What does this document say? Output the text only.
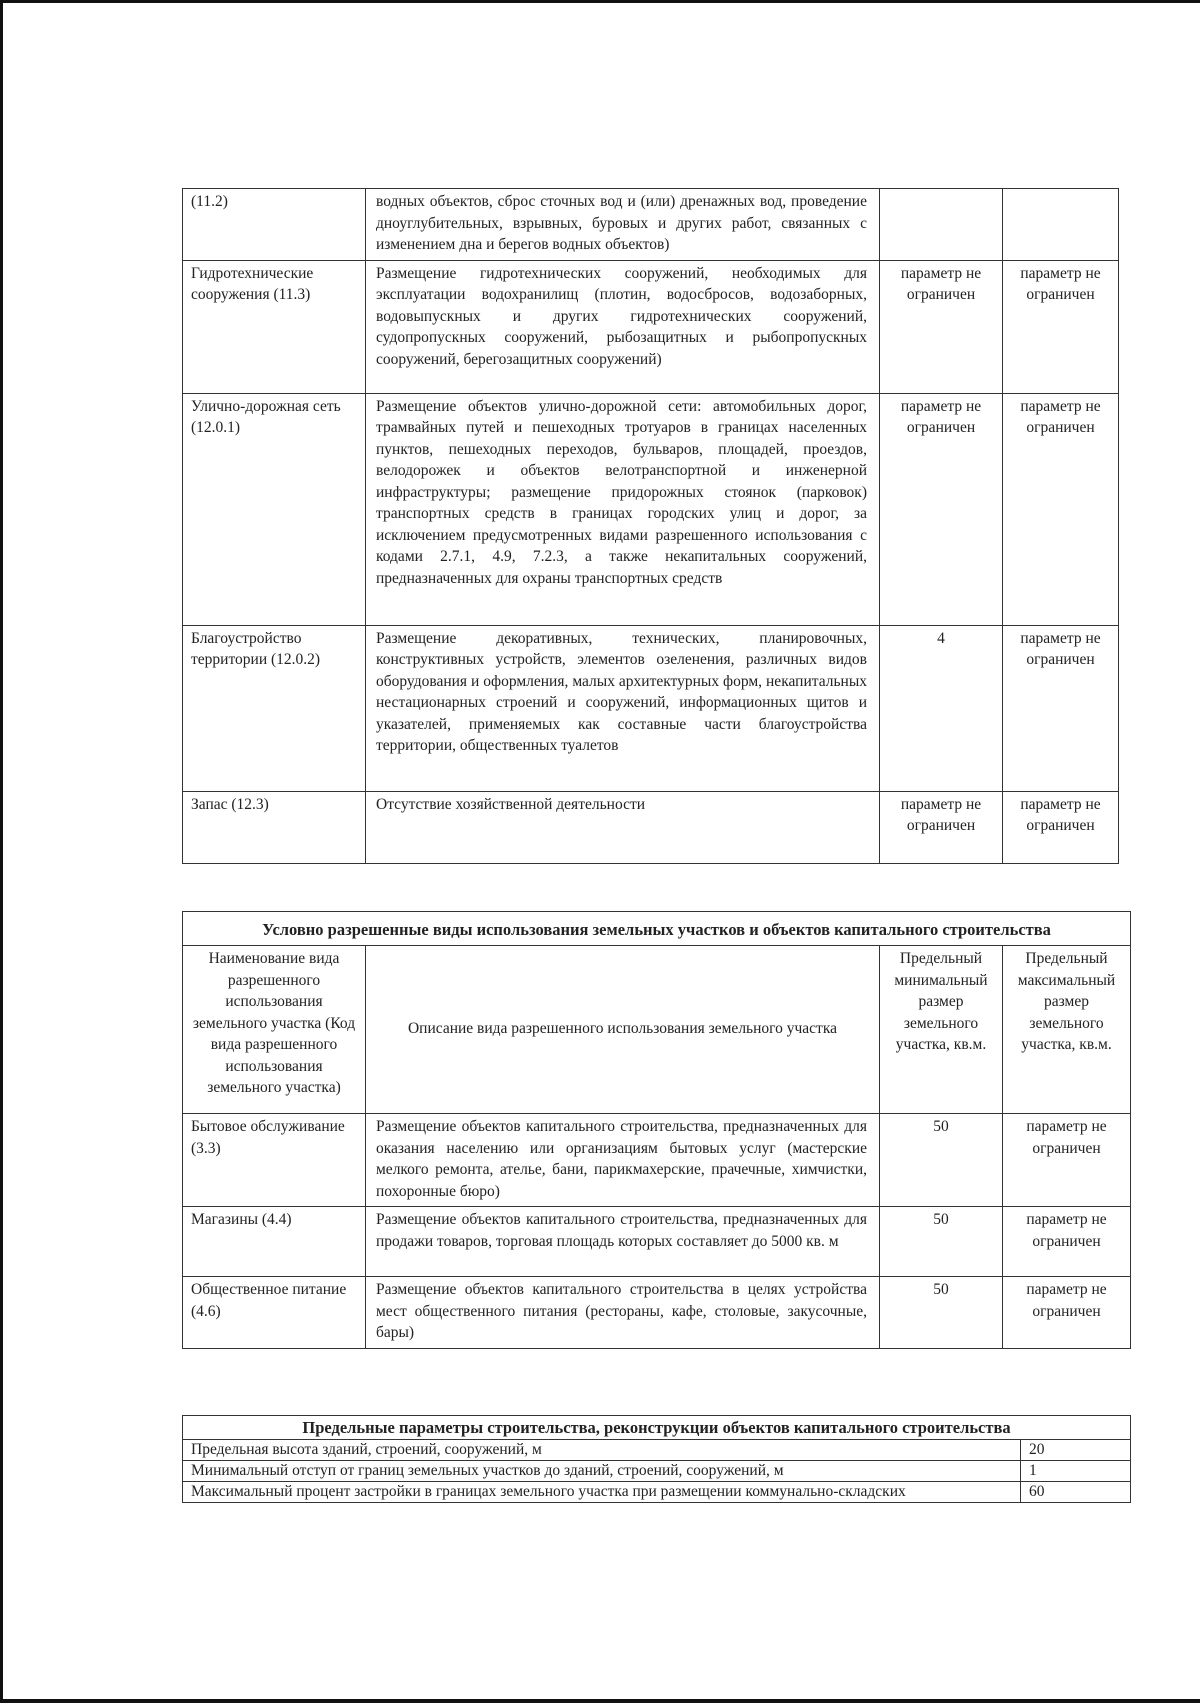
(11.2)	водных объектов, сброс сточных вод и (или) дренажных вод, проведение дноуглубительных, взрывных, буровых и других работ, связанных с изменением дна и берегов водных объектов)		
Гидротехнические сооружения (11.3)	Размещение гидротехнических сооружений, необходимых для эксплуатации водохранилищ (плотин, водосбросов, водозаборных, водовыпускных и других гидротехнических сооружений, судопропускных сооружений, рыбозащитных и рыбопропускных сооружений, берегозащитных сооружений)	параметр не ограничен	параметр не ограничен
Улично-дорожная сеть (12.0.1)	Размещение объектов улично-дорожной сети: автомобильных дорог, трамвайных путей и пешеходных тротуаров в границах населенных пунктов, пешеходных переходов, бульваров, площадей, проездов, велодорожек и объектов велотранспортной и инженерной инфраструктуры; размещение придорожных стоянок (парковок) транспортных средств в границах городских улиц и дорог, за исключением предусмотренных видами разрешенного использования с кодами 2.7.1, 4.9, 7.2.3, а также некапитальных сооружений, предназначенных для охраны транспортных средств	параметр не ограничен	параметр не ограничен
Благоустройство территории (12.0.2)	Размещение декоративных, технических, планировочных, конструктивных устройств, элементов озеленения, различных видов оборудования и оформления, малых архитектурных форм, некапитальных нестационарных строений и сооружений, информационных щитов и указателей, применяемых как составные части благоустройства территории, общественных туалетов	4	параметр не ограничен
Запас (12.3)	Отсутствие хозяйственной деятельности	параметр не ограничен	параметр не ограничен
Условно разрешенные виды использования земельных участков и объектов капитального строительства			
Наименование вида разрешенного использования земельного участка (Код вида разрешенного использования земельного участка)	Описание вида разрешенного использования земельного участка	Предельный минимальный размер земельного участка, кв.м.	Предельный максимальный размер земельного участка, кв.м.
Бытовое обслуживание (3.3)	Размещение объектов капитального строительства, предназначенных для оказания населению или организациям бытовых услуг (мастерские мелкого ремонта, ателье, бани, парикмахерские, прачечные, химчистки, похоронные бюро)	50	параметр не ограничен
Магазины (4.4)	Размещение объектов капитального строительства, предназначенных для продажи товаров, торговая площадь которых составляет до 5000 кв. м	50	параметр не ограничен
Общественное питание (4.6)	Размещение объектов капитального строительства в целях устройства мест общественного питания (рестораны, кафе, столовые, закусочные, бары)	50	параметр не ограничен
Предельные параметры строительства, реконструкции объектов капитального строительства	
Предельная высота зданий, строений, сооружений, м	20
Минимальный отступ от границ земельных участков до зданий, строений, сооружений, м	1
Максимальный процент застройки в границах земельного участка при размещении коммунально-складских	60
